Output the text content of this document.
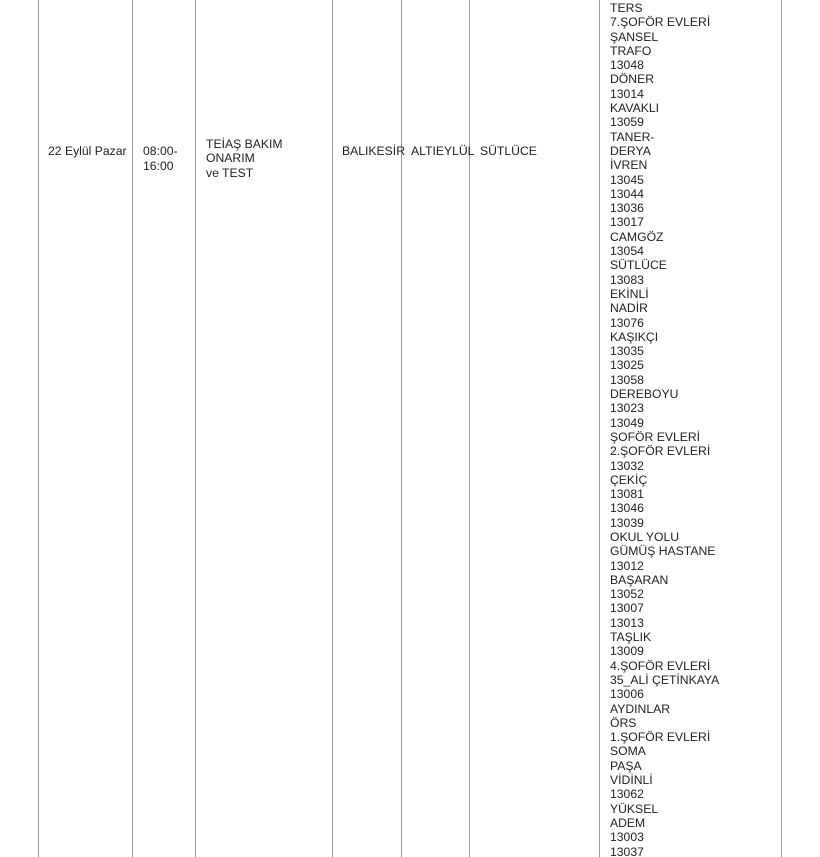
22 Eylül Pazar	08:00-
16:00

TEİAŞ BAKIM ONARIM
ve TEST

BALIKESİR	ALTIEYLÜL	SÜTLÜCE

TERS
7.ŞOFÖR EVLERİ
ŞANSEL
TRAFO
13048
DÖNER
13014
KAVAKLI
13059
TANER-
DERYA
İVREN
13045
13044
13036
13017
CAMGÖZ
13054
SÜTLÜCE
13083
EKİNLİ
NADİR
13076
KAŞIKÇI
13035
13025
13058
DEREBOYU
13023
13049
ŞOFÖR EVLERİ
2.ŞOFÖR EVLERİ
13032
ÇEKİÇ
13081
13046
13039
OKUL YOLU
GÜMÜŞ HASTANE
13012
BAŞARAN
13052
13007
13013
TAŞLIK
13009
4.ŞOFÖR EVLERİ
35_ALİ ÇETİNKAYA
13006
AYDINLAR
ÖRS
1.ŞOFÖR EVLERİ
SOMA
PAŞA
VİDİNLİ
13062
YÜKSEL
ADEM
13003
13037
